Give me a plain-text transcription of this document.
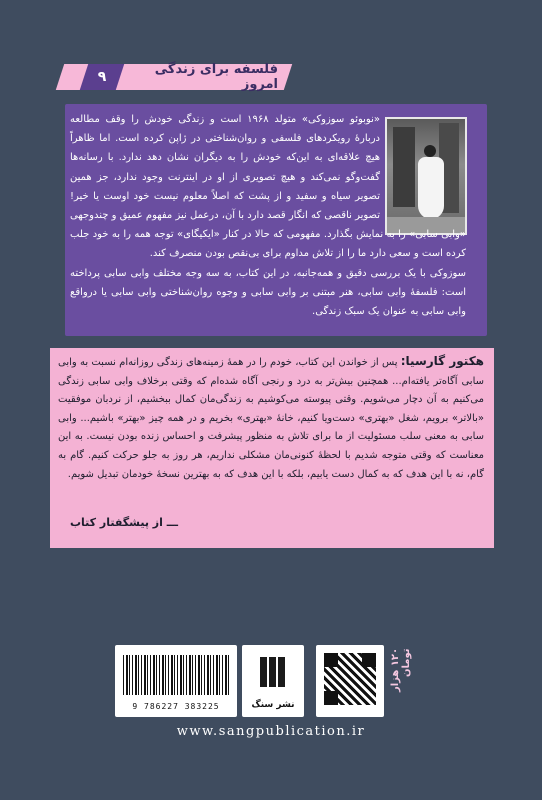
۹	فلسفه برای زندگی امروز

«نوبوئو سوزوکی» متولد ۱۹۶۸ است و زندگی خودش را وقف مطالعه دربارهٔ رویکردهای فلسفی و روان‌شناختی در ژاپن کرده است. اما ظاهراً هیچ علاقه‌ای به این‌که خودش را به دیگران نشان دهد ندارد. با رسانه‌ها گفت‌وگو نمی‌کند و هیچ تصویری از او در اینترنت وجود ندارد، جز همین تصویر سیاه و سفید و از پشت که اصلاً معلوم نیست خود اوست یا خیر! تصویر ناقصی که انگار قصد دارد با آن، درعمل نیز مفهوم عمیق و چندوجهی «وابی سابی» را به نمایش بگذارد. مفهومی که حالا در کنار «ایکیگای» توجه همه را به خود جلب کرده است و سعی دارد ما را از تلاش مداوم برای بی‌نقص بودن منصرف کند.

سوزوکی با یک بررسی دقیق و همه‌جانبه، در این کتاب، به سه وجه مختلف وابی سابی پرداخته است: فلسفهٔ وابی سابی، هنر مبتنی بر وابی سابی و وجوه روان‌شناختی وابی سابی یا درواقع وابی سابی به عنوان یک سبک زندگی.

هکتور گارسیا: پس از خواندن این کتاب، خودم را در همهٔ زمینه‌های زندگی روزانه‌ام نسبت به وابی سابی آگاه‌تر یافته‌ام... همچنین بیش‌تر به درد و رنجی آگاه شده‌ام که وقتی برخلاف وابی سابی زندگی می‌کنیم به آن دچار می‌شویم. وقتی پیوسته می‌کوشیم به زندگی‌مان کمال ببخشیم، از نردبان موفقیت «بالاتر» برویم، شغل «بهتری» دست‌ویا کنیم، خانهٔ «بهتری» بخریم و در همه چیز «بهتر» باشیم... وابی سابی به معنی سلب مسئولیت از ما برای تلاش به منظور پیشرفت و احساس زنده بودن نیست. به این معناست که وقتی متوجه شدیم با لحظهٔ کنونی‌مان مشکلی نداریم، هر روز به جلو حرکت کنیم. گام به گام، نه با این هدف که به کمال دست یابیم، بلکه با این هدف که به بهترین نسخهٔ خودمان تبدیل شویم.
ـــ از پیشگفتار کتاب
9 786227 383225	نشر سنگ
۱۲۰ هزار تومان
www.sangpublication.ir
